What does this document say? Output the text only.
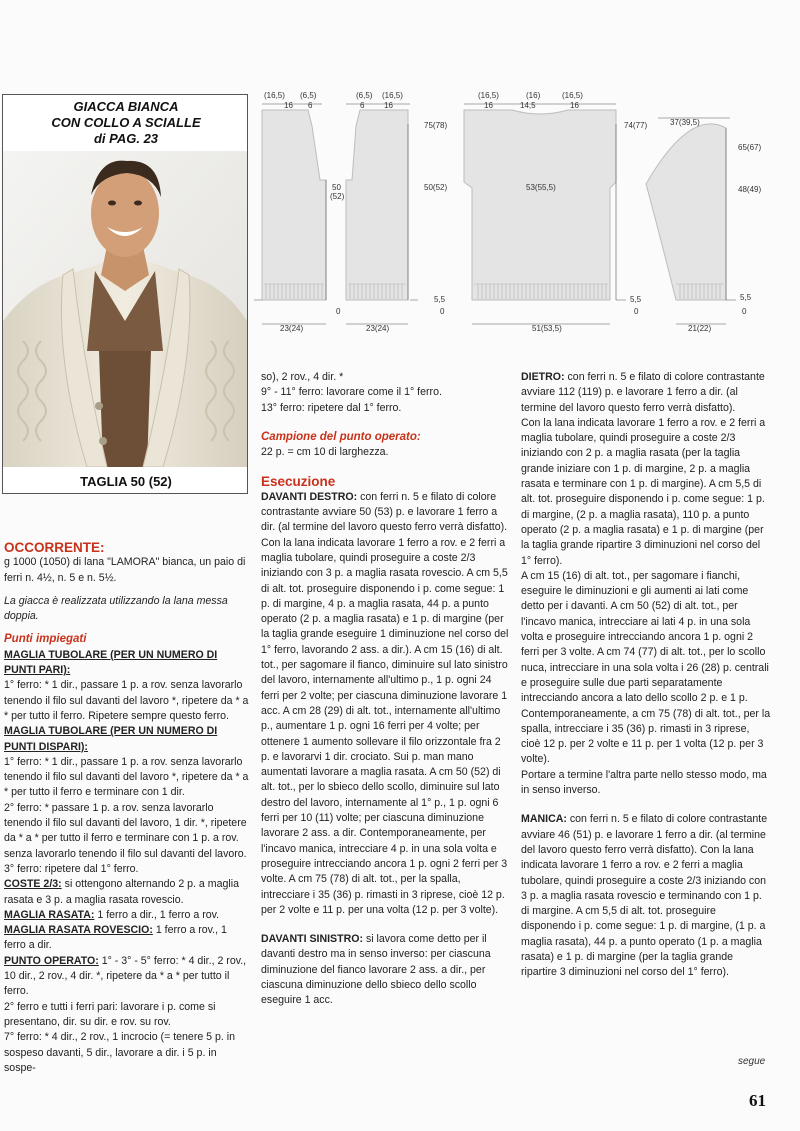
GIACCA BIANCA
CON COLLO A SCIALLE
di PAG. 23
TAGLIA 50 (52)
(16,5) (6,5)
16 6
50
(52)
0
23(24)
(6,5) (16,5)
6 16
75(78)
50(52)
5,5
0
23(24)
(16,5)	(16)	(16,5)
16	14,5	16
74(77)
53(55,5)
5,5
0
51(53,5)
37(39,5)
65(67)
48(49)
5,5
0
21(22)

OCCORRENTE:

g 1000 (1050) di lana "LAMORA" bianca, un paio di ferri n. 4½, n. 5 e n. 5½.

La giacca è realizzata utilizzando la lana messa doppia.

Punti impiegati

MAGLIA TUBOLARE (PER UN NUMERO DI PUNTI PARI):

1° ferro: * 1 dir., passare 1 p. a rov. senza lavorarlo tenendo il filo sul davanti del lavoro *, ripetere da * a * per tutto il ferro. Ripetere sempre questo ferro.

MAGLIA TUBOLARE (PER UN NUMERO DI PUNTI DISPARI):

1° ferro: * 1 dir., passare 1 p. a rov. senza lavorarlo tenendo il filo sul davanti del lavoro *, ripetere da * a * per tutto il ferro e terminare con 1 dir.

2° ferro: * passare 1 p. a rov. senza lavorarlo tenendo il filo sul davanti del lavoro, 1 dir. *, ripetere da * a * per tutto il ferro e terminare con 1 p. a rov. senza lavorarlo tenendo il filo sul davanti del lavoro.

3° ferro: ripetere dal 1° ferro.

COSTE 2/3: si ottengono alternando 2 p. a maglia rasata e 3 p. a maglia rasata rovescio.

MAGLIA RASATA: 1 ferro a dir., 1 ferro a rov.

MAGLIA RASATA ROVESCIO: 1 ferro a rov., 1 ferro a dir.

PUNTO OPERATO: 1° - 3° - 5° ferro: * 4 dir., 2 rov., 10 dir., 2 rov., 4 dir. *, ripetere da * a * per tutto il ferro.

2° ferro e tutti i ferri pari: lavorare i p. come si presentano, dir. su dir. e rov. su rov.

7° ferro: * 4 dir., 2 rov., 1 incrocio (= tenere 5 p. in sospeso davanti, 5 dir., lavorare a dir. i 5 p. in sospe-

so), 2 rov., 4 dir. *

9° - 11° ferro: lavorare come il 1° ferro.

13° ferro: ripetere dal 1° ferro.

Campione del punto operato:

22 p. = cm 10 di larghezza.

Esecuzione

DAVANTI DESTRO: con ferri n. 5 e filato di colore contrastante avviare 50 (53) p. e lavorare 1 ferro a dir. (al termine del lavoro questo ferro verrà disfatto). Con la lana indicata lavorare 1 ferro a rov. e 2 ferri a maglia tubolare, quindi proseguire a coste 2/3 iniziando con 3 p. a maglia rasata rovescio. A cm 5,5 di alt. tot. proseguire disponendo i p. come segue: 1 p. di margine, 4 p. a maglia rasata, 44 p. a punto operato (2 p. a maglia rasata) e 1 p. di margine (per la taglia grande eseguire 1 diminuzione nel corso del 1° ferro, lavorando 2 ass. a dir.). A cm 15 (16) di alt. tot., per sagomare il fianco, diminuire sul lato sinistro del lavoro, internamente all'ultimo p., 1 p. ogni 24 ferri per 2 volte; per ciascuna diminuzione lavorare 1 acc. A cm 28 (29) di alt. tot., internamente all'ultimo p., aumentare 1 p. ogni 16 ferri per 4 volte; per ottenere 1 aumento sollevare il filo orizzontale fra 2 p. e lavorarvi 1 dir. crociato. Sui p. man mano aumentati lavorare a maglia rasata. A cm 50 (52) di alt. tot., per lo sbieco dello scollo, diminuire sul lato destro del lavoro, internamente al 1° p., 1 p. ogni 6 ferri per 10 (11) volte; per ciascuna diminuzione lavorare 2 ass. a dir. Contemporaneamente, per l'incavo manica, intrecciare 4 p. in una sola volta e proseguire intrecciando ancora 1 p. ogni 2 ferri per 3 volte. A cm 75 (78) di alt. tot., per la spalla, intrecciare i 35 (36) p. rimasti in 3 riprese, cioè 12 p. per 2 volte e 11 p. per una volta (12 p. per 3 volte).

DAVANTI SINISTRO: si lavora come detto per il davanti destro ma in senso inverso: per ciascuna diminuzione del fianco lavorare 2 ass. a dir., per ciascuna diminuzione dello sbieco dello scollo eseguire 1 acc.

DIETRO: con ferri n. 5 e filato di colore contrastante avviare 112 (119) p. e lavorare 1 ferro a dir. (al termine del lavoro questo ferro verrà disfatto).

Con la lana indicata lavorare 1 ferro a rov. e 2 ferri a maglia tubolare, quindi proseguire a coste 2/3 iniziando con 2 p. a maglia rasata (per la taglia grande iniziare con 1 p. di margine, 2 p. a maglia rasata e terminare con 1 p. di margine). A cm 5,5 di alt. tot. proseguire disponendo i p. come segue: 1 p. di margine, (2 p. a maglia rasata), 110 p. a punto operato (2 p. a maglia rasata) e 1 p. di margine (per la taglia grande ripartire 3 diminuzioni nel corso del 1° ferro).

A cm 15 (16) di alt. tot., per sagomare i fianchi, eseguire le diminuzioni e gli aumenti ai lati come detto per i davanti. A cm 50 (52) di alt. tot., per l'incavo manica, intrecciare ai lati 4 p. in una sola volta e proseguire intrecciando ancora 1 p. ogni 2 ferri per 3 volte. A cm 74 (77) di alt. tot., per lo scollo nuca, intrecciare in una sola volta i 26 (28) p. centrali e proseguire sulle due parti separatamente intrecciando ancora a lato dello scollo 2 p. e 1 p. Contemporaneamente, a cm 75 (78) di alt. tot., per la spalla, intrecciare i 35 (36) p. rimasti in 3 riprese, cioè 12 p. per 2 volte e 11 p. per 1 volta (12 p. per 3 volte).

Portare a termine l'altra parte nello stesso modo, ma in senso inverso.

MANICA: con ferri n. 5 e filato di colore contrastante avviare 46 (51) p. e lavorare 1 ferro a dir. (al termine del lavoro questo ferro verrà disfatto). Con la lana indicata lavorare 1 ferro a rov. e 2 ferri a maglia tubolare, quindi proseguire a coste 2/3 iniziando con 3 p. a maglia rasata rovescio e terminando con 1 p. di margine. A cm 5,5 di alt. tot. proseguire disponendo i p. come segue: 1 p. di margine, (1 p. a maglia rasata), 44 p. a punto operato (1 p. a maglia rasata) e 1 p. di margine (per la taglia grande ripartire 3 diminuzioni nel corso del 1° ferro).

segue
61
